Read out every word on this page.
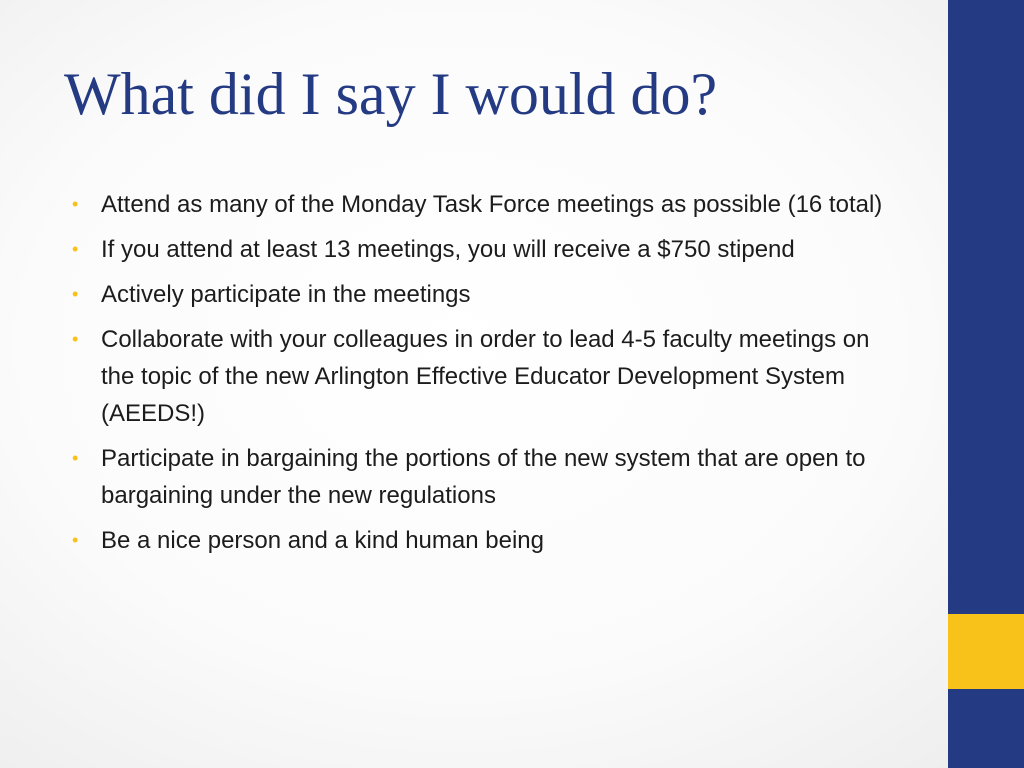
What did I say I would do?
• Attend as many of the Monday Task Force meetings as possible (16 total)
• If you attend at least 13 meetings, you will receive a $750 stipend
• Actively participate in the meetings
• Collaborate with your colleagues in order to lead 4-5 faculty meetings on the topic of the new Arlington Effective Educator Development System (AEEDS!)
• Participate in bargaining the portions of the new system that are open to bargaining under the new regulations
• Be a nice person and a kind human being
